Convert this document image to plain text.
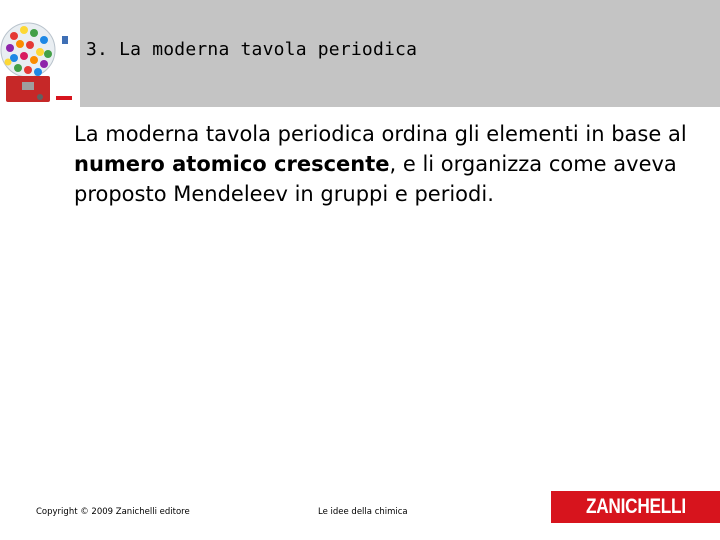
3. La moderna tavola periodica
La moderna tavola periodica ordina gli elementi in base al numero atomico crescente, e li organizza come aveva proposto Mendeleev in gruppi e periodi.
Copyright © 2009 Zanichelli editore	Le idee della chimica	ZANICHELLI
